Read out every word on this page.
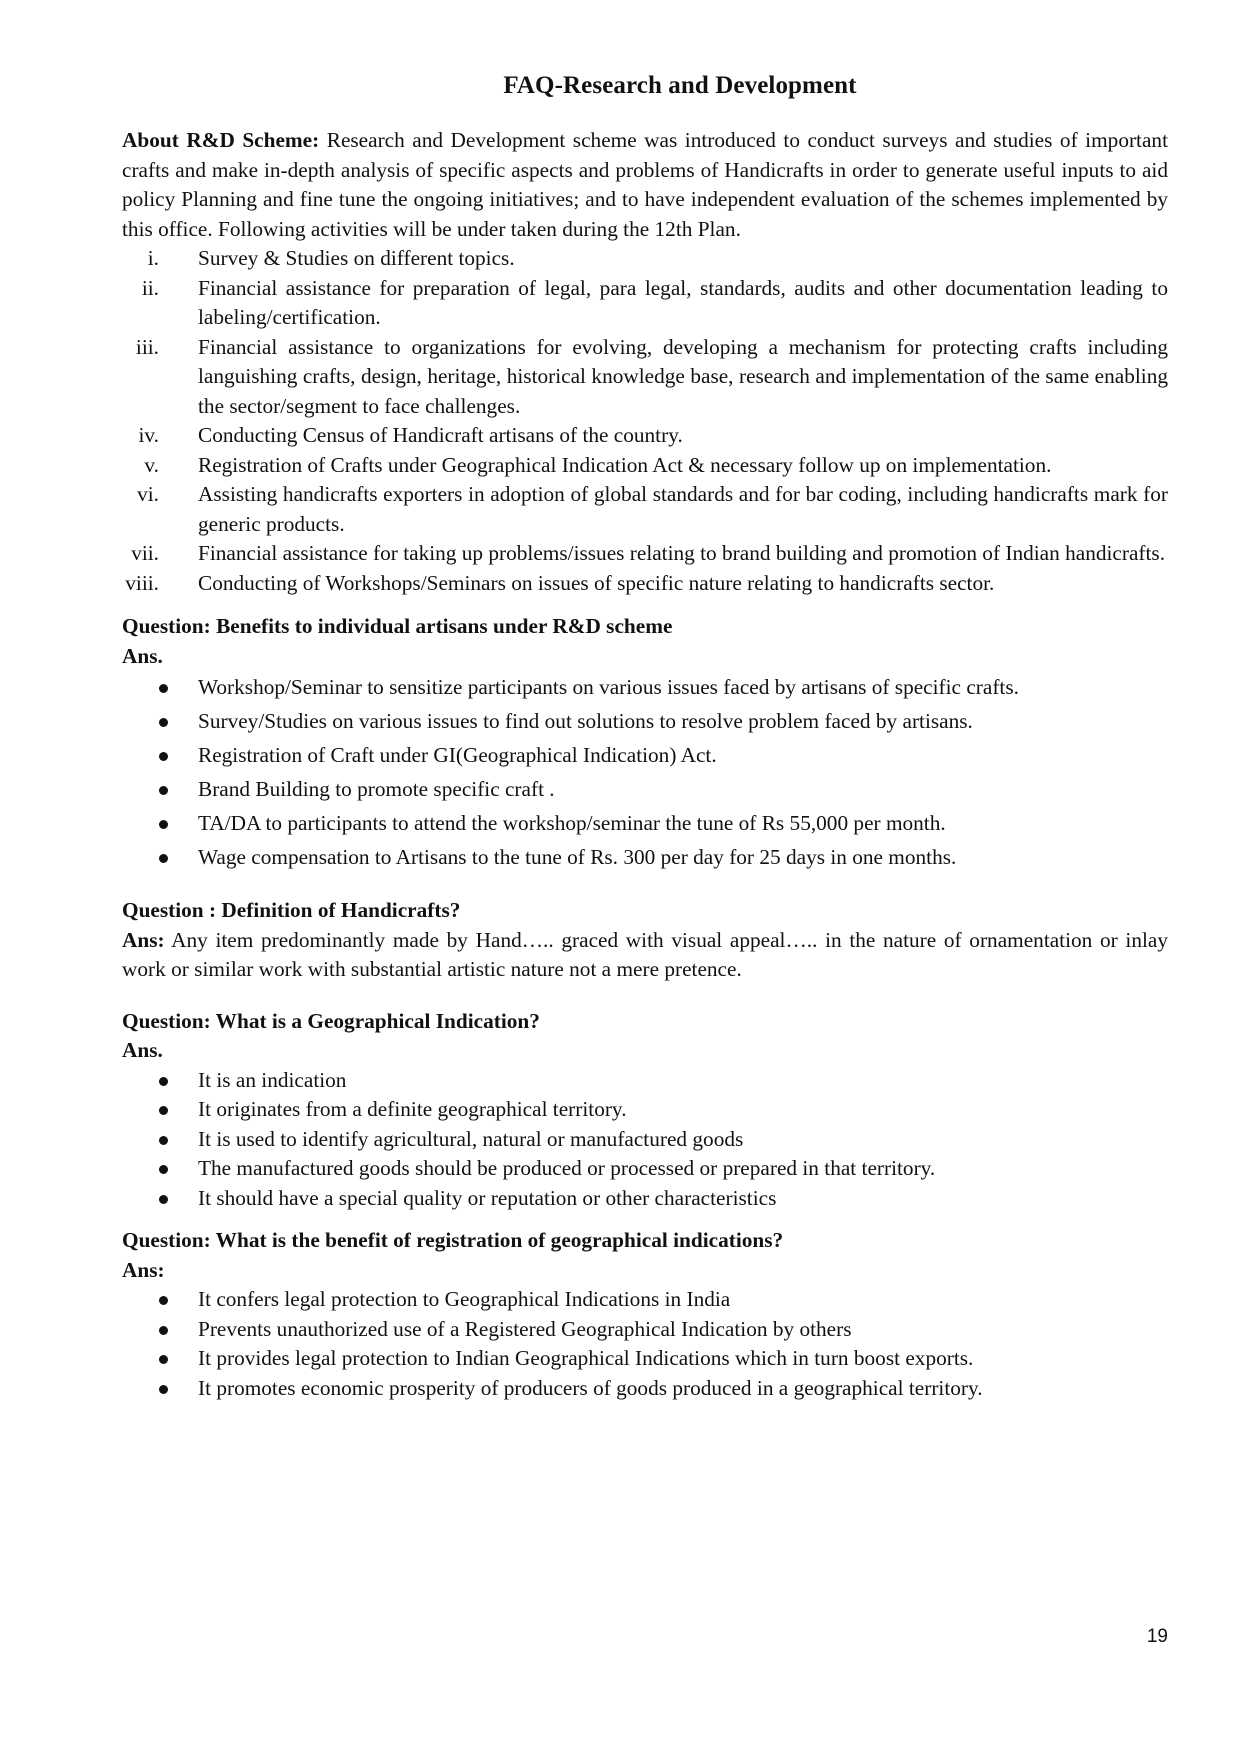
FAQ-Research and Development

About R&D Scheme: Research and Development scheme was introduced to conduct surveys and studies of important crafts and make in-depth analysis of specific aspects and problems of Handicrafts in order to generate useful inputs to aid policy Planning and fine tune the ongoing initiatives; and to have independent evaluation of the schemes implemented by this office. Following activities will be under taken during the 12th Plan.

i. Survey & Studies on different topics.
ii. Financial assistance for preparation of legal, para legal, standards, audits and other documentation leading to labeling/certification.
iii. Financial assistance to organizations for evolving, developing a mechanism for protecting crafts including languishing crafts, design, heritage, historical knowledge base, research and implementation of the same enabling the sector/segment to face challenges.
iv. Conducting Census of Handicraft artisans of the country.
v. Registration of Crafts under Geographical Indication Act & necessary follow up on implementation.
vi. Assisting handicrafts exporters in adoption of global standards and for bar coding, including handicrafts mark for generic products.
vii. Financial assistance for taking up problems/issues relating to brand building and promotion of Indian handicrafts.
viii. Conducting of Workshops/Seminars on issues of specific nature relating to handicrafts sector.

Question: Benefits to individual artisans under R&D scheme

Ans.

Workshop/Seminar to sensitize participants on various issues faced by artisans of specific crafts.
Survey/Studies on various issues to find out solutions to resolve problem faced by artisans.
Registration of Craft under GI(Geographical Indication) Act.
Brand Building to promote specific craft .
TA/DA to participants to attend the workshop/seminar the tune of Rs 55,000 per month.
Wage compensation to Artisans to the tune of Rs. 300 per day for 25 days in one months.

Question : Definition of Handicrafts?

Ans: Any item predominantly made by Hand….. graced with visual appeal….. in the nature of ornamentation or inlay work or similar work with substantial artistic nature not a mere pretence.

Question: What is a Geographical Indication?

Ans.

It is an indication
It originates from a definite geographical territory.
It is used to identify agricultural, natural or manufactured goods
The manufactured goods should be produced or processed or prepared in that territory.
It should have a special quality or reputation or other characteristics

Question: What is the benefit of registration of geographical indications?

Ans:

It confers legal protection to Geographical Indications in India
Prevents unauthorized use of a Registered Geographical Indication by others
It provides legal protection to Indian Geographical Indications which in turn boost exports.
It promotes economic prosperity of producers of goods produced in a geographical territory.
19
